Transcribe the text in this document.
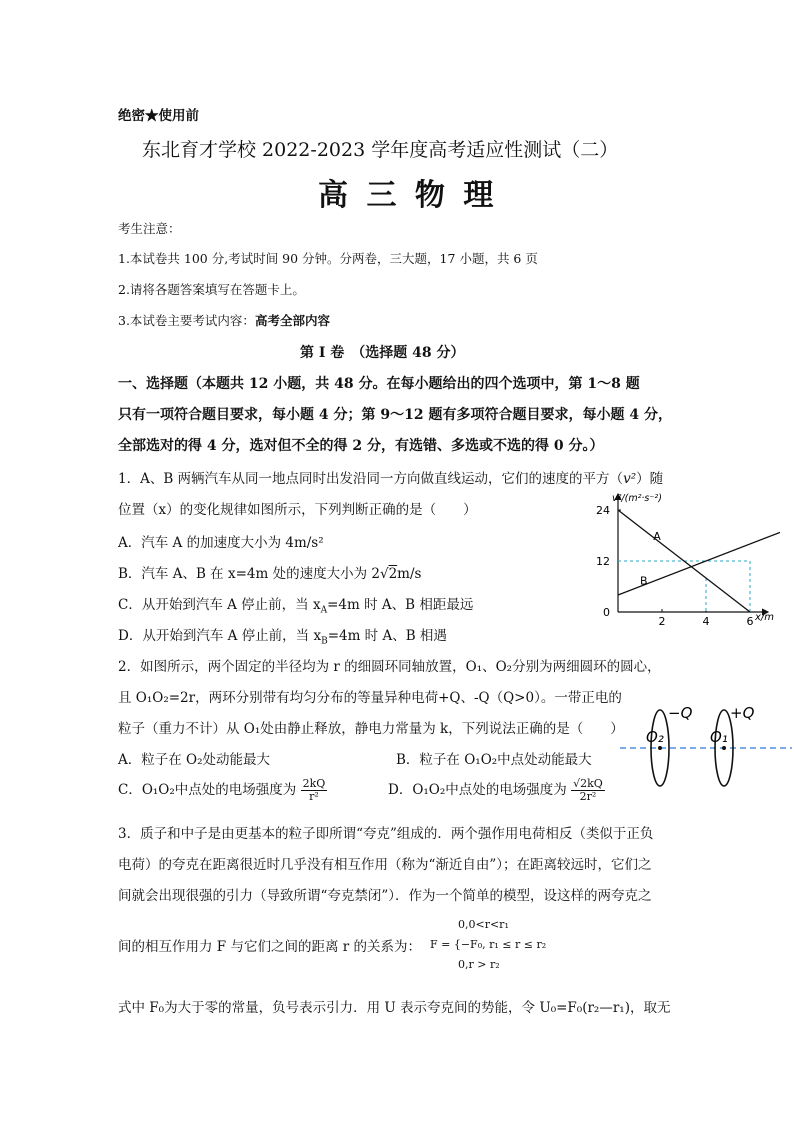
绝密★使用前
东北育才学校 2022-2023 学年度高考适应性测试（二）
高 三 物 理
考生注意：
1.本试卷共 100 分,考试时间 90 分钟。分两卷，三大题，17 小题，共 6 页
2.请将各题答案填写在答题卡上。
3.本试卷主要考试内容：高考全部内容
第 I 卷　（选择题 48 分）
一、选择题（本题共 12 小题，共 48 分。在每小题给出的四个选项中，第 1～8 题
只有一项符合题目要求，每小题 4 分；第 9～12 题有多项符合题目要求，每小题 4 分，
全部选对的得 4 分，选对但不全的得 2 分，有选错、多选或不选的得 0 分。）
1．A、B 两辆汽车从同一地点同时出发沿同一方向做直线运动，它们的速度的平方（v²）随
位置（x）的变化规律如图所示，下列判断正确的是（　　）
A．汽车 A 的加速度大小为 4m/s²
B．汽车 A、B 在 x=4m 处的速度大小为 2√2m/s
C．从开始到汽车 A 停止前，当 $x_A=4m$ 时 A、B 相距最远
D．从开始到汽车 A 停止前，当 $x_B=4m$ 时 A、B 相遇
24
12
0
2	4	6
A
B
v²/(m²·s⁻²)
x/m
2．如图所示，两个固定的半径均为 r 的细圆环同轴放置，O₁、O₂分别为两细圆环的圆心，
且 O₁O₂=2r，两环分别带有均匀分布的等量异种电荷+Q、-Q（Q>0）。一带正电的
粒子（重力不计）从 O₁处由静止释放，静电力常量为 k，下列说法正确的是（　　）
A．粒子在 O₂处动能最大	B．粒子在 O₁O₂中点处动能最大
C．O₁O₂中点处的电场强度为 $\frac{2kQ}{\text{r²}}$	D．O₁O₂中点处的电场强度为 $\frac{√2kQ}{\text{2r²}}$
−Q	+Q
O₂	O₁
3．质子和中子是由更基本的粒子即所谓“夸克”组成的．两个强作用电荷相反（类似于正负
电荷）的夸克在距离很近时几乎没有相互作用（称为“渐近自由”）；在距离较远时，它们之
间就会出现很强的引力（导致所谓“夸克禁闭”）．作为一个简单的模型，设这样的两夸克之
间的相互作用力 F 与它们之间的距离 r 的关系为：
0,0<r<r₁
F = {−F₀, r₁ ≤ r ≤ r₂
0,r > r₂
式中 F₀为大于零的常量，负号表示引力．用 U 表示夸克间的势能，令 U₀=F₀(r₂—r₁)，取无
